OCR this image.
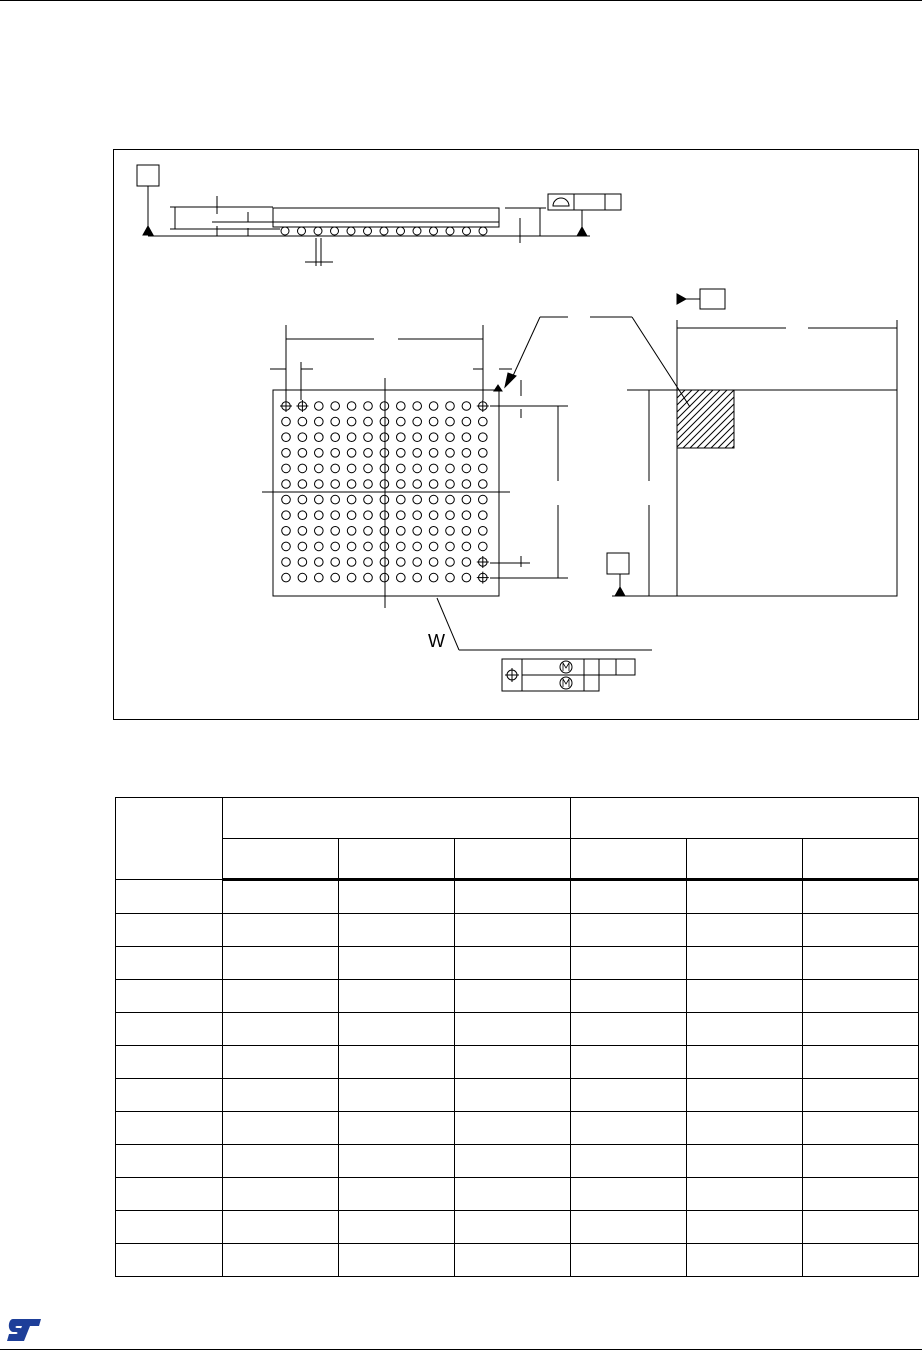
W
